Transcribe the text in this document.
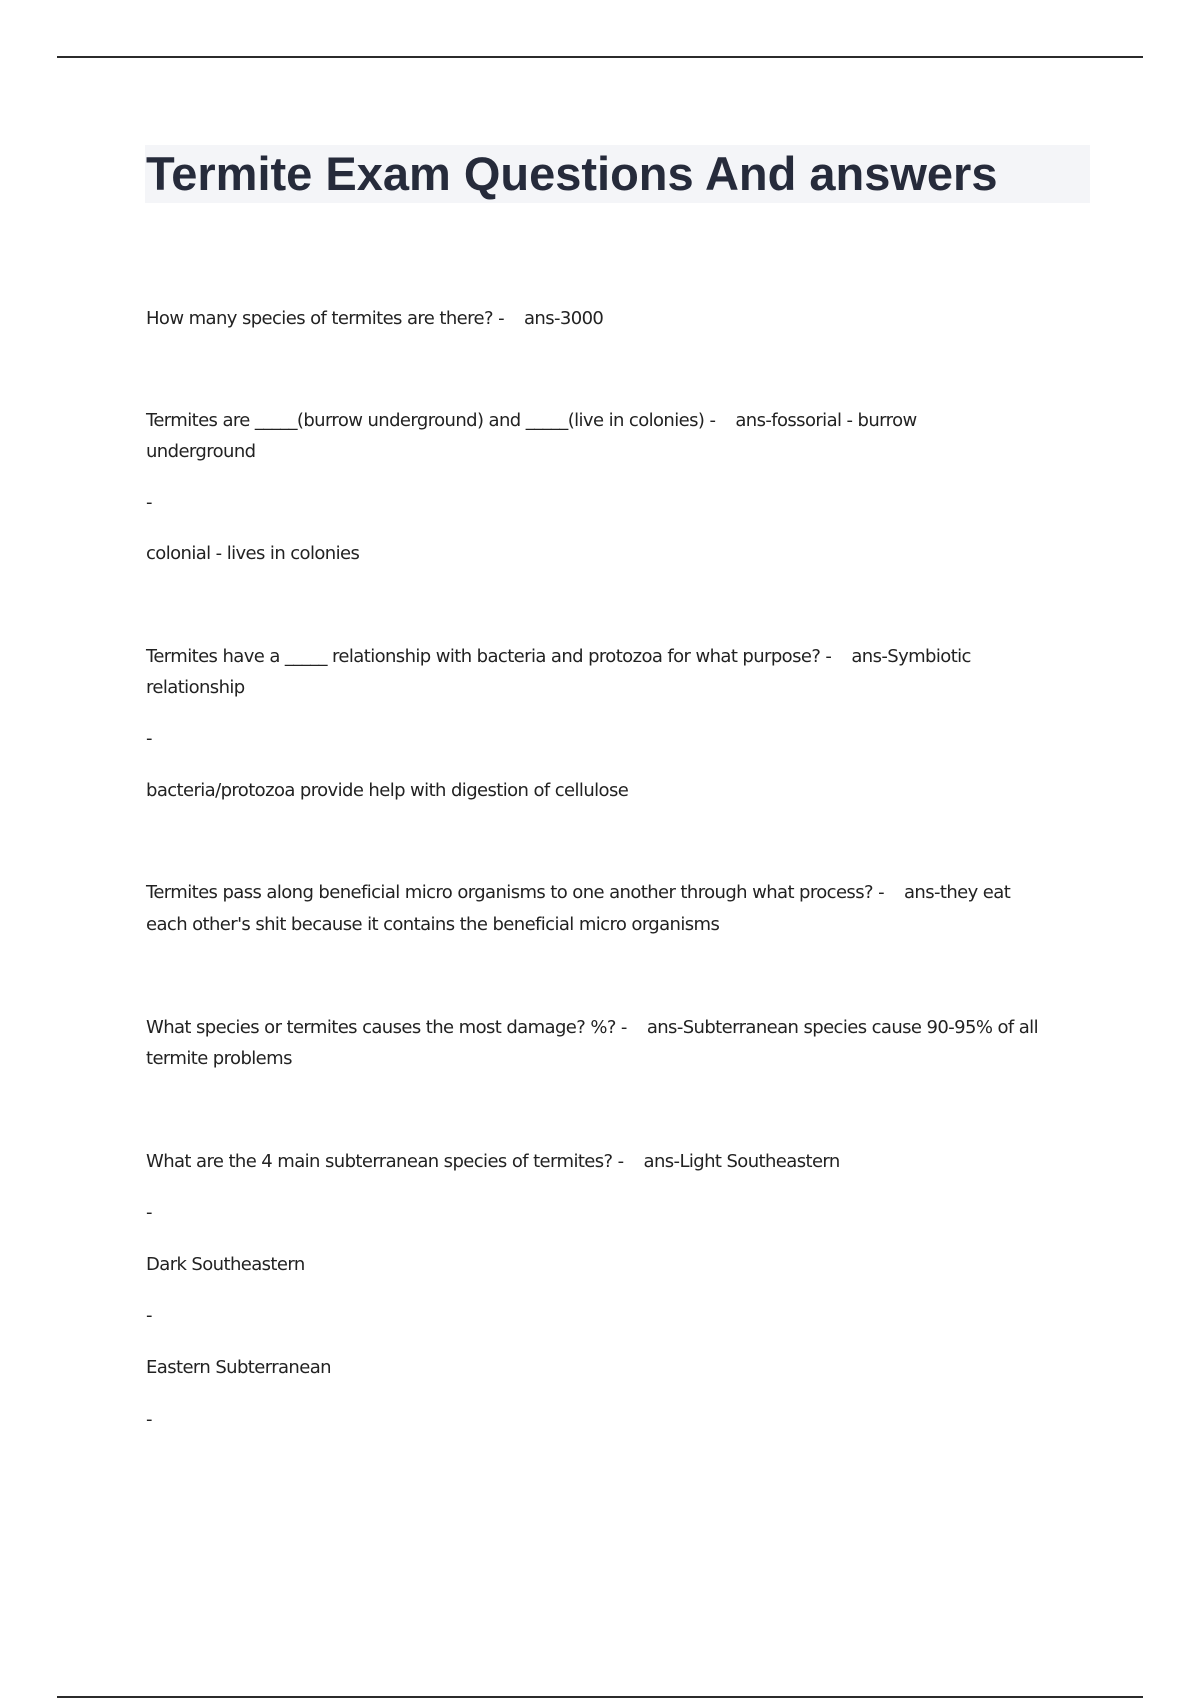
Termite Exam Questions And answers
How many species of termites are there? - ans-3000
Termites are _____(burrow underground) and _____(live in colonies) - ans-fossorial - burrow
underground
-
colonial - lives in colonies
Termites have a _____ relationship with bacteria and protozoa for what purpose? - ans-Symbiotic
relationship
-
bacteria/protozoa provide help with digestion of cellulose
Termites pass along beneficial micro organisms to one another through what process? - ans-they eat
each other's shit because it contains the beneficial micro organisms
What species or termites causes the most damage? %? - ans-Subterranean species cause 90-95% of all
termite problems
What are the 4 main subterranean species of termites? - ans-Light Southeastern
-
Dark Southeastern
-
Eastern Subterranean
-
